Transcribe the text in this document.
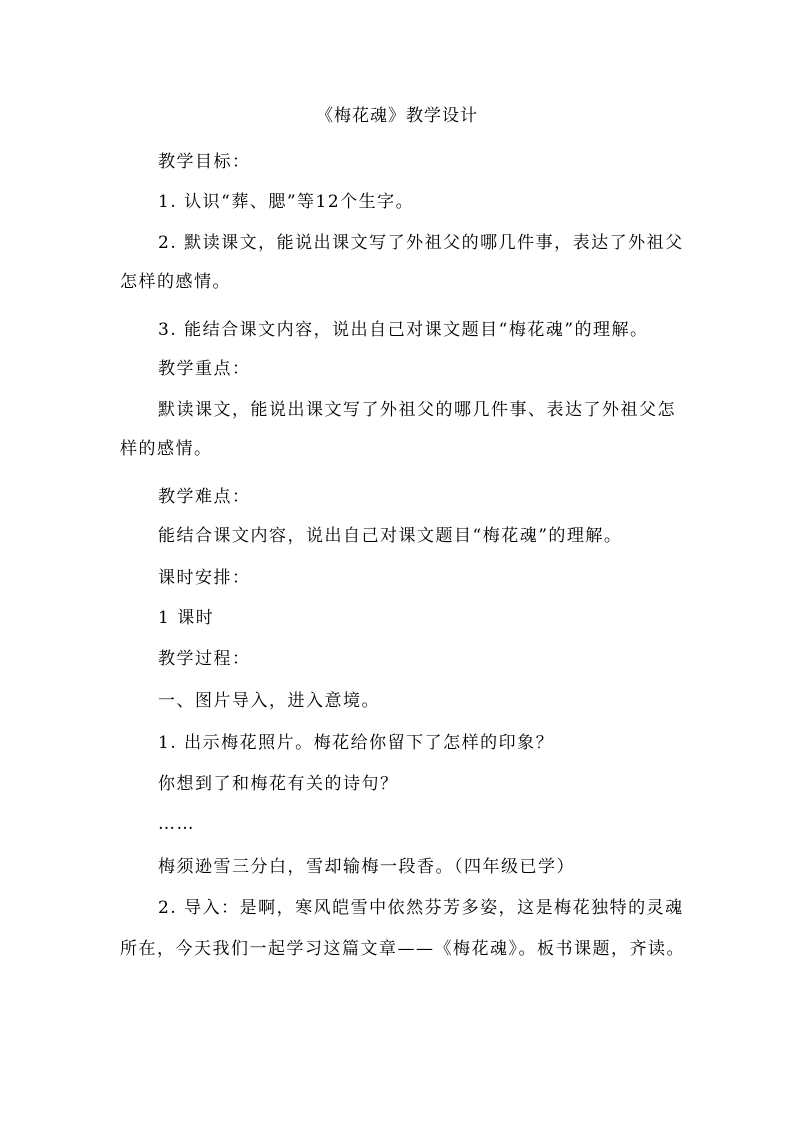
《梅花魂》教学设计
教学目标：
1. 认识“葬、腮”等12个生字。
2. 默读课文，能说出课文写了外祖父的哪几件事，表达了外祖父
怎样的感情。
3. 能结合课文内容，说出自己对课文题目“梅花魂”的理解。
教学重点：
默读课文，能说出课文写了外祖父的哪几件事、表达了外祖父怎
样的感情。
教学难点：
能结合课文内容，说出自己对课文题目“梅花魂”的理解。
课时安排：
1 课时
教学过程：
一、图片导入，进入意境。
1. 出示梅花照片。梅花给你留下了怎样的印象？
你想到了和梅花有关的诗句？
……
梅须逊雪三分白，雪却输梅一段香。（四年级已学）
2. 导入：是啊，寒风皑雪中依然芬芳多姿，这是梅花独特的灵魂
所在，今天我们一起学习这篇文章——《梅花魂》。板书课题，齐读。
